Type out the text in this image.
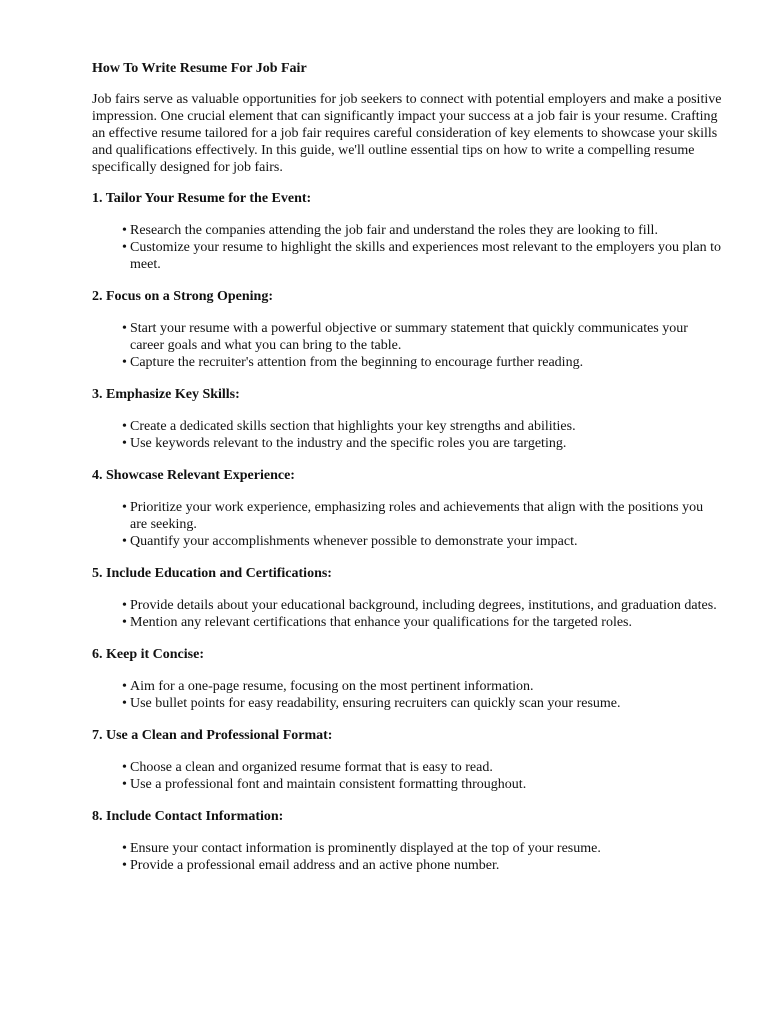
How To Write Resume For Job Fair
Job fairs serve as valuable opportunities for job seekers to connect with potential employers and make a positive impression. One crucial element that can significantly impact your success at a job fair is your resume. Crafting an effective resume tailored for a job fair requires careful consideration of key elements to showcase your skills and qualifications effectively. In this guide, we'll outline essential tips on how to write a compelling resume specifically designed for job fairs.
1. Tailor Your Resume for the Event:
• Research the companies attending the job fair and understand the roles they are looking to fill.
• Customize your resume to highlight the skills and experiences most relevant to the employers you plan to meet.
2. Focus on a Strong Opening:
• Start your resume with a powerful objective or summary statement that quickly communicates your career goals and what you can bring to the table.
• Capture the recruiter's attention from the beginning to encourage further reading.
3. Emphasize Key Skills:
• Create a dedicated skills section that highlights your key strengths and abilities.
• Use keywords relevant to the industry and the specific roles you are targeting.
4. Showcase Relevant Experience:
• Prioritize your work experience, emphasizing roles and achievements that align with the positions you are seeking.
• Quantify your accomplishments whenever possible to demonstrate your impact.
5. Include Education and Certifications:
• Provide details about your educational background, including degrees, institutions, and graduation dates.
• Mention any relevant certifications that enhance your qualifications for the targeted roles.
6. Keep it Concise:
• Aim for a one-page resume, focusing on the most pertinent information.
• Use bullet points for easy readability, ensuring recruiters can quickly scan your resume.
7. Use a Clean and Professional Format:
• Choose a clean and organized resume format that is easy to read.
• Use a professional font and maintain consistent formatting throughout.
8. Include Contact Information:
• Ensure your contact information is prominently displayed at the top of your resume.
• Provide a professional email address and an active phone number.
